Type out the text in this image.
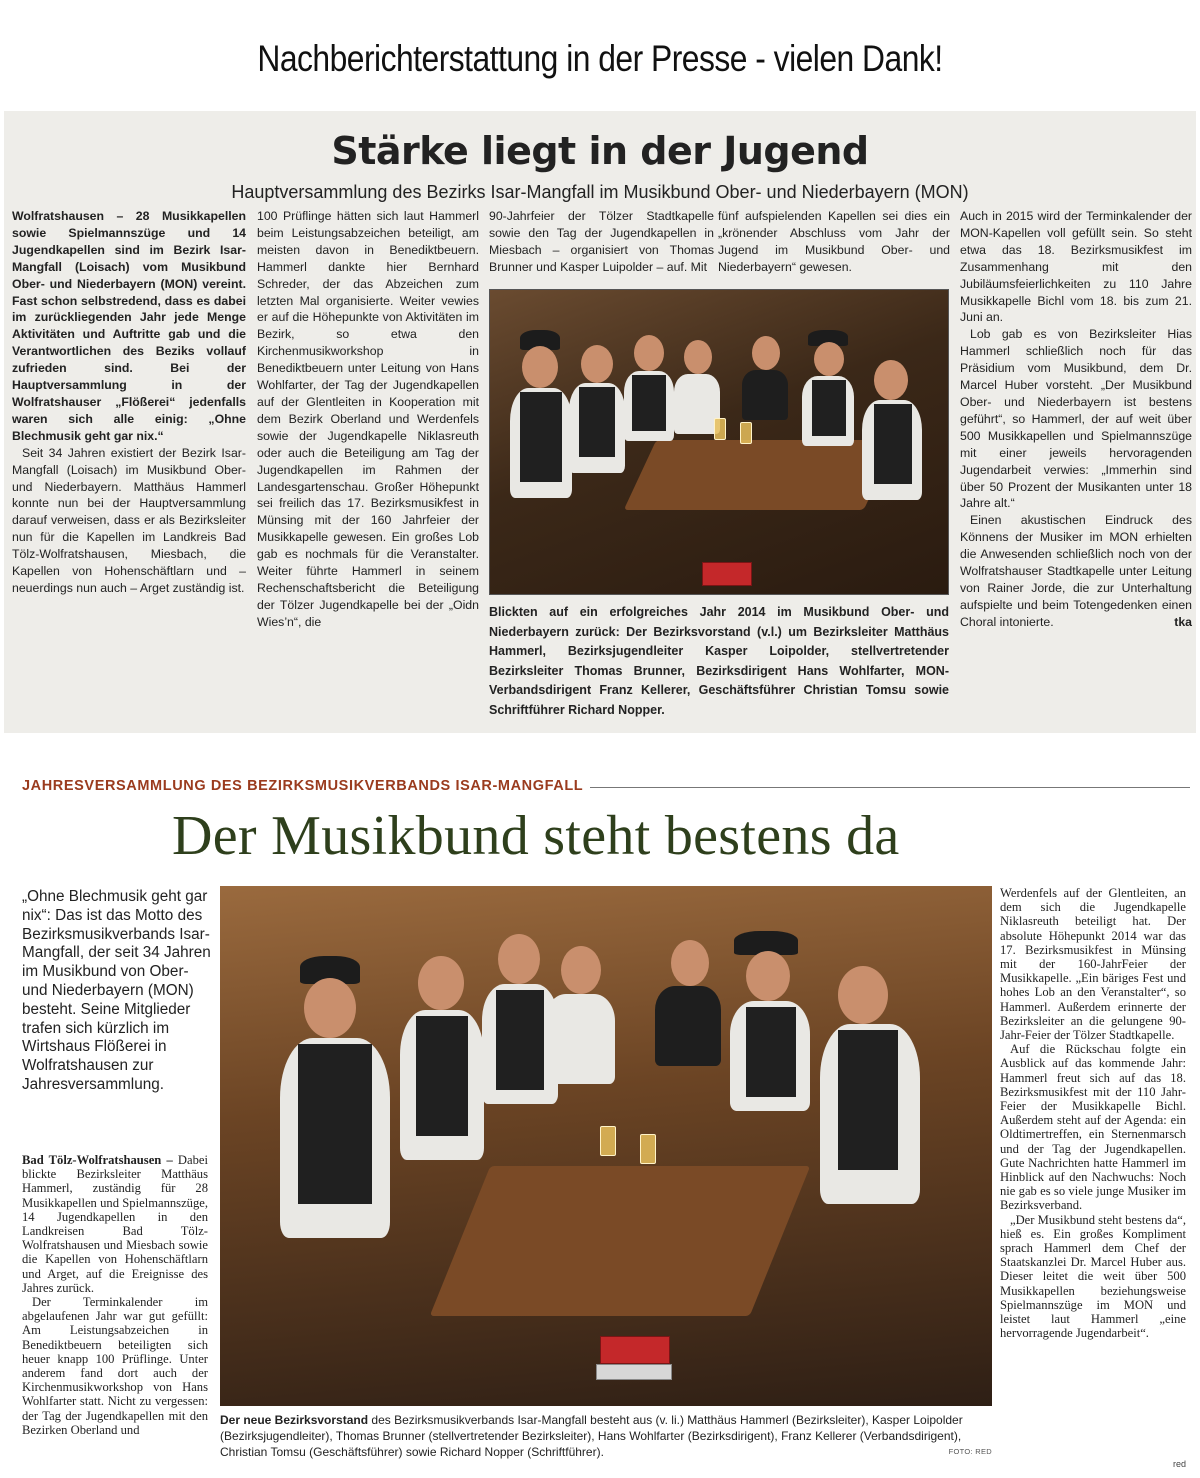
Nachberichterstattung in der Presse - vielen Dank!
Stärke liegt in der Jugend
Hauptversammlung des Bezirks Isar-Mangfall im Musikbund Ober- und Niederbayern (MON)

Wolfratshausen – 28 Musikkapellen sowie Spielmannszüge und 14 Jugendkapellen sind im Bezirk Isar-Mangfall (Loisach) vom Musikbund Ober- und Niederbayern (MON) vereint. Fast schon selbstredend, dass es dabei im zurückliegenden Jahr jede Menge Aktivitäten und Auftritte gab und die Verantwortlichen des Beziks vollauf zufrieden sind. Bei der Hauptversammlung in der Wolfratshauser „Flößerei“ jedenfalls waren sich alle einig: „Ohne Blechmusik geht gar nix.“

Seit 34 Jahren existiert der Bezirk Isar-Mangfall (Loisach) im Musikbund Ober- und Niederbayern. Matthäus Hammerl konnte nun bei der Hauptversammlung darauf verweisen, dass er als Bezirksleiter nun für die Kapellen im Landkreis Bad Tölz-Wolfratshausen, Miesbach, die Kapellen von Hohenschäftlarn und – neuerdings nun auch – Arget zuständig ist.

100 Prüflinge hätten sich laut Hammerl beim Leistungsabzeichen beteiligt, am meisten davon in Benediktbeuern. Hammerl dankte hier Bernhard Schreder, der das Abzeichen zum letzten Mal organisierte. Weiter vewies er auf die Höhepunkte von Aktivitäten im Bezirk, so etwa den Kirchenmusikworkshop in Benediktbeuern unter Leitung von Hans Wohlfarter, der Tag der Jugendkapellen auf der Glentleiten in Kooperation mit dem Bezirk Oberland und Werdenfels sowie der Jugendkapelle Niklasreuth oder auch die Beteiligung am Tag der Jugendkapellen im Rahmen der Landesgartenschau. Großer Höhepunkt sei freilich das 17. Bezirksmusikfest in Münsing mit der 160 Jahrfeier der Musikkapelle gewesen. Ein großes Lob gab es nochmals für die Veranstalter. Weiter führte Hammerl in seinem Rechenschaftsbericht die Beteiligung der Tölzer Jugendkapelle bei der „Oidn Wies’n“, die

90-Jahrfeier der Tölzer Stadtkapelle sowie den Tag der Jugendkapellen in Miesbach – organisiert von Thomas Brunner und Kasper Luipolder – auf. Mit

fünf aufspielenden Kapellen sei dies ein „krönender Abschluss vom Jahr der Jugend im Musikbund Ober- und Niederbayern“ gewesen.

Auch in 2015 wird der Terminkalender der MON-Kapellen voll gefüllt sein. So steht etwa das 18. Bezirksmusikfest im Zusammenhang mit den Jubiläumsfeierlichkeiten zu 110 Jahre Musikkapelle Bichl vom 18. bis zum 21. Juni an.

Lob gab es von Bezirksleiter Hias Hammerl schließlich noch für das Präsidium vom Musikbund, dem Dr. Marcel Huber vorsteht. „Der Musikbund Ober- und Niederbayern ist bestens geführt“, so Hammerl, der auf weit über 500 Musikkapellen und Spielmannszüge mit einer jeweils hervoragenden Jugendarbeit verwies: „Immerhin sind über 50 Prozent der Musikanten unter 18 Jahre alt.“

Einen akustischen Eindruck des Könnens der Musiker im MON erhielten die Anwesenden schließlich noch von der Wolfratshauser Stadtkapelle unter Leitung von Rainer Jorde, die zur Unterhaltung aufspielte und beim Totengedenken einen Choral intonierte.	tka

Blickten auf ein erfolgreiches Jahr 2014 im Musikbund Ober- und Niederbayern zurück: Der Bezirksvorstand (v.l.) um Bezirksleiter Matthäus Hammerl, Bezirksjugendleiter Kasper Loipolder, stellvertretender Bezirksleiter Thomas Brunner, Bezirksdirigent Hans Wohlfarter, MON-Verbandsdirigent Franz Kellerer, Geschäftsführer Christian Tomsu sowie Schriftführer Richard Nopper.
JAHRESVERSAMMLUNG DES BEZIRKSMUSIKVERBANDS ISAR-MANGFALL
Der Musikbund steht bestens da
„Ohne Blechmusik geht gar nix“: Das ist das Motto des Bezirksmusikverbands Isar-Mangfall, der seit 34 Jahren im Musikbund von Ober- und Niederbayern (MON) besteht. Seine Mitglieder trafen sich kürzlich im Wirtshaus Flößerei in Wolfratshausen zur Jahresversammlung.

Bad Tölz-Wolfratshausen – Dabei blickte Bezirksleiter Matthäus Hammerl, zuständig für 28 Musikkapellen und Spielmannszüge, 14 Jugendkapellen in den Landkreisen Bad Tölz-Wolfratshausen und Miesbach sowie die Kapellen von Hohenschäftlarn und Arget, auf die Ereignisse des Jahres zurück.

Der Terminkalender im abgelaufenen Jahr war gut gefüllt: Am Leistungsabzeichen in Benediktbeuern beteiligten sich heuer knapp 100 Prüflinge. Unter anderem fand dort auch der Kirchenmusikworkshop von Hans Wohlfarter statt. Nicht zu vergessen: der Tag der Jugendkapellen mit den Bezirken Oberland und

Der neue Bezirksvorstand des Bezirksmusikverbands Isar-Mangfall besteht aus (v. li.) Matthäus Hammerl (Bezirksleiter), Kasper Loipolder (Bezirksjugendleiter), Thomas Brunner (stellvertretender Bezirksleiter), Hans Wohlfarter (Bezirksdirigent), Franz Kellerer (Verbandsdirigent), Christian Tomsu (Geschäftsführer) sowie Richard Nopper (Schriftführer).	FOTO: RED

Werdenfels auf der Glentleiten, an dem sich die Jugendkapelle Niklasreuth beteiligt hat. Der absolute Höhepunkt 2014 war das 17. Bezirksmusikfest in Münsing mit der 160-JahrFeier der Musikkapelle. „Ein bäriges Fest und hohes Lob an den Veranstalter“, so Hammerl. Außerdem erinnerte der Bezirksleiter an die gelungene 90-Jahr-Feier der Tölzer Stadtkapelle.

Auf die Rückschau folgte ein Ausblick auf das kommende Jahr: Hammerl freut sich auf das 18. Bezirksmusikfest mit der 110 Jahr-Feier der Musikkapelle Bichl. Außerdem steht auf der Agenda: ein Oldtimertreffen, ein Sternenmarsch und der Tag der Jugendkapellen. Gute Nachrichten hatte Hammerl im Hinblick auf den Nachwuchs: Noch nie gab es so viele junge Musiker im Bezirksverband.

„Der Musikbund steht bestens da“, hieß es. Ein großes Kompliment sprach Hammerl dem Chef der Staatskanzlei Dr. Marcel Huber aus. Dieser leitet die weit über 500 Musikkapellen beziehungsweise Spielmannszüge im MON und leistet laut Hammerl „eine hervorragende Jugendarbeit“.

red
